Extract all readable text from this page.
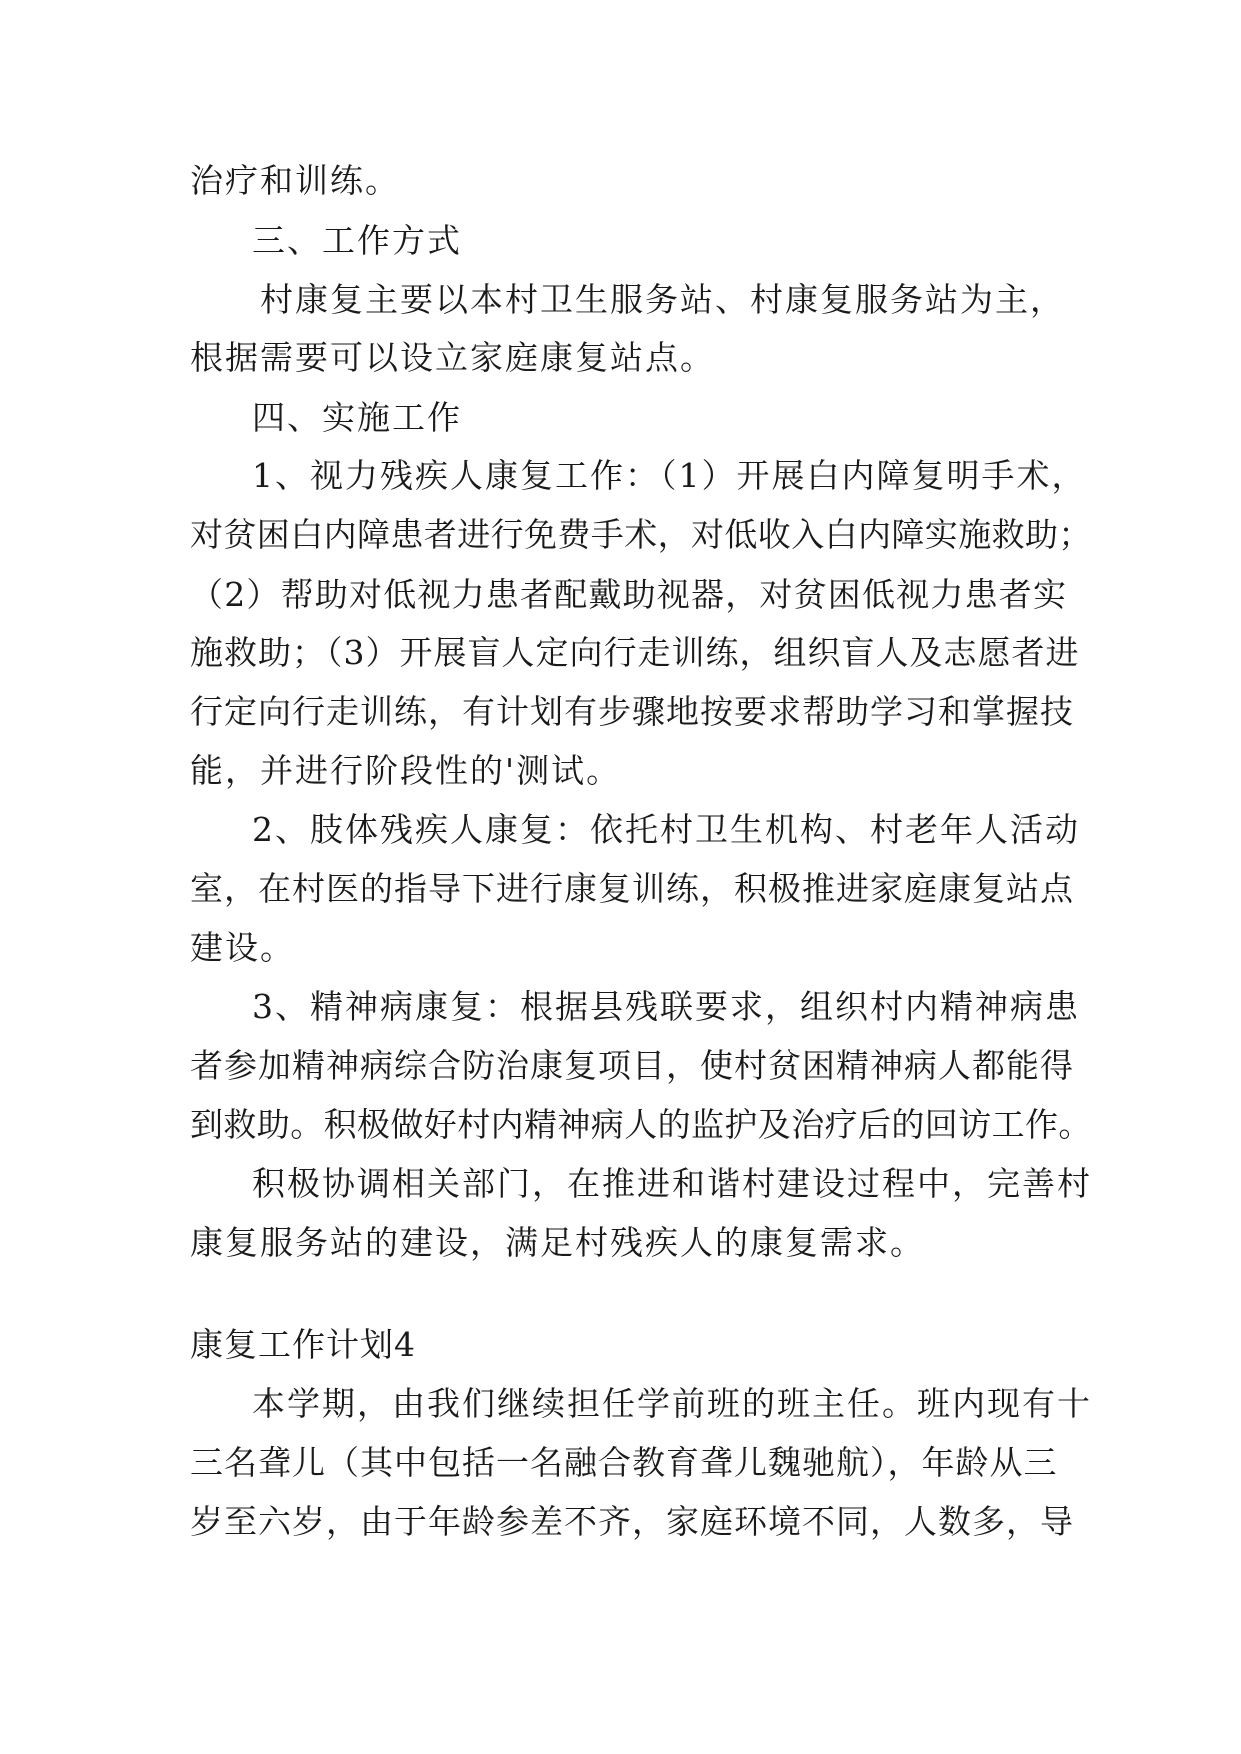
治疗和训练。
三、工作方式
村康复主要以本村卫生服务站、村康复服务站为主，
根据需要可以设立家庭康复站点。
四、实施工作
1、视力残疾人康复工作：（1）开展白内障复明手术，
对贫困白内障患者进行免费手术，对低收入白内障实施救助；
（2）帮助对低视力患者配戴助视器，对贫困低视力患者实
施救助；（3）开展盲人定向行走训练，组织盲人及志愿者进
行定向行走训练，有计划有步骤地按要求帮助学习和掌握技
能，并进行阶段性的'测试。
2、肢体残疾人康复：依托村卫生机构、村老年人活动
室，在村医的指导下进行康复训练，积极推进家庭康复站点
建设。
3、精神病康复：根据县残联要求，组织村内精神病患
者参加精神病综合防治康复项目，使村贫困精神病人都能得
到救助。积极做好村内精神病人的监护及治疗后的回访工作。
积极协调相关部门，在推进和谐村建设过程中，完善村
康复服务站的建设，满足村残疾人的康复需求。
康复工作计划4
本学期，由我们继续担任学前班的班主任。班内现有十
三名聋儿（其中包括一名融合教育聋儿魏驰航），年龄从三
岁至六岁，由于年龄参差不齐，家庭环境不同，人数多，导
